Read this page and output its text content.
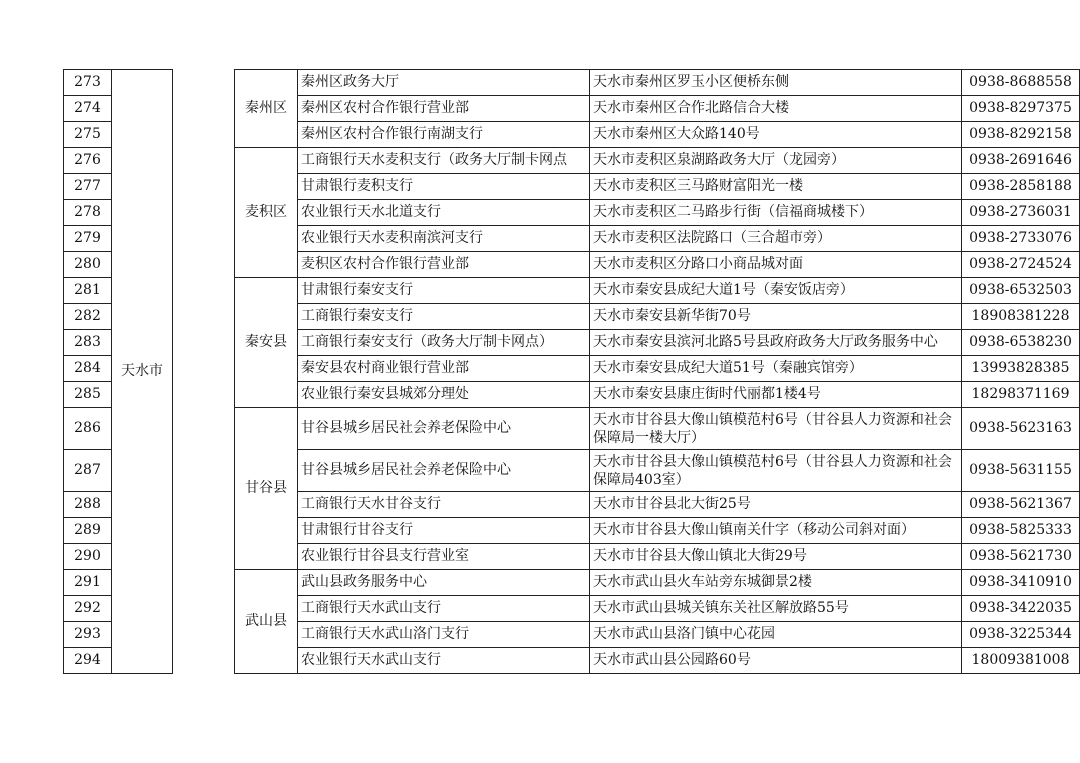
273	天水市		秦州区	秦州区政务大厅	天水市秦州区罗玉小区便桥东侧	0938-8688558
274				秦州区农村合作银行营业部	天水市秦州区合作北路信合大楼	0938-8297375
275				秦州区农村合作银行南湖支行	天水市秦州区大众路140号	0938-8292158
276			麦积区	工商银行天水麦积支行（政务大厅制卡网点	天水市麦积区泉湖路政务大厅（龙园旁）	0938-2691646
277				甘肃银行麦积支行	天水市麦积区三马路财富阳光一楼	0938-2858188
278				农业银行天水北道支行	天水市麦积区二马路步行街（信福商城楼下）	0938-2736031
279				农业银行天水麦积南滨河支行	天水市麦积区法院路口（三合超市旁）	0938-2733076
280				麦积区农村合作银行营业部	天水市麦积区分路口小商品城对面	0938-2724524
281			秦安县	甘肃银行秦安支行	天水市秦安县成纪大道1号（秦安饭店旁）	0938-6532503
282				工商银行秦安支行	天水市秦安县新华街70号	18908381228
283				工商银行秦安支行（政务大厅制卡网点）	天水市秦安县滨河北路5号县政府政务大厅政务服务中心	0938-6538230
284				秦安县农村商业银行营业部	天水市秦安县成纪大道51号（秦融宾馆旁）	13993828385
285				农业银行秦安县城郊分理处	天水市秦安县康庄街时代丽都1楼4号	18298371169
286			甘谷县	甘谷县城乡居民社会养老保险中心	天水市甘谷县大像山镇模范村6号（甘谷县人力资源和社会保障局一楼大厅）	0938-5623163
287				甘谷县城乡居民社会养老保险中心	天水市甘谷县大像山镇模范村6号（甘谷县人力资源和社会保障局403室）	0938-5631155
288				工商银行天水甘谷支行	天水市甘谷县北大街25号	0938-5621367
289				甘肃银行甘谷支行	天水市甘谷县大像山镇南关什字（移动公司斜对面）	0938-5825333
290				农业银行甘谷县支行营业室	天水市甘谷县大像山镇北大街29号	0938-5621730
291			武山县	武山县政务服务中心	天水市武山县火车站旁东城御景2楼	0938-3410910
292				工商银行天水武山支行	天水市武山县城关镇东关社区解放路55号	0938-3422035
293				工商银行天水武山洛门支行	天水市武山县洛门镇中心花园	0938-3225344
294				农业银行天水武山支行	天水市武山县公园路60号	18009381008
